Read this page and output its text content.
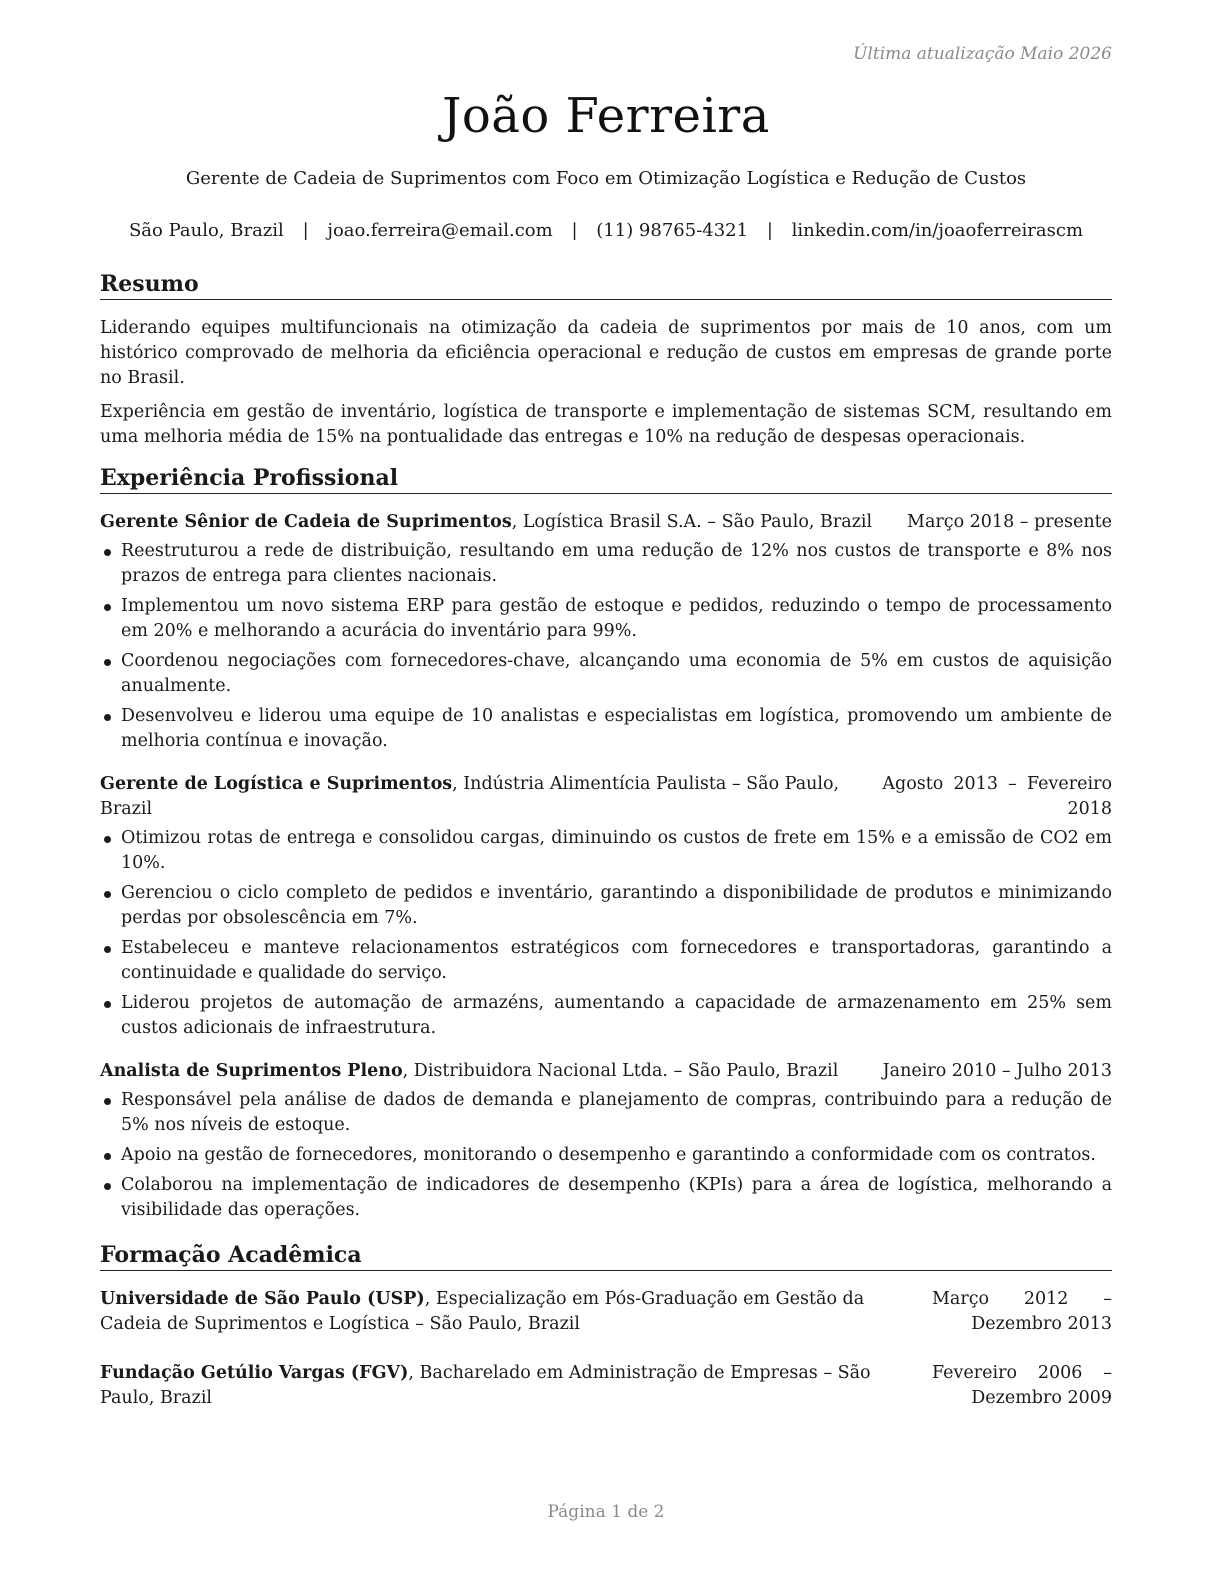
Última atualização Maio 2026
João Ferreira
Gerente de Cadeia de Suprimentos com Foco em Otimização Logística e Redução de Custos
São Paulo, Brazil | joao.ferreira@email.com | (11) 98765-4321 | linkedin.com/in/joaoferreirascm
Resumo

Liderando equipes multifuncionais na otimização da cadeia de suprimentos por mais de 10 anos, com um histórico comprovado de melhoria da eficiência operacional e redução de custos em empresas de grande porte no Brasil.

Experiência em gestão de inventário, logística de transporte e implementação de sistemas SCM, resultando em uma melhoria média de 15% na pontualidade das entregas e 10% na redução de despesas operacionais.

Experiência Profissional
Gerente Sênior de Cadeia de Suprimentos, Logística Brasil S.A. – São Paulo, Brazil	Março 2018 – presente
Reestruturou a rede de distribuição, resultando em uma redução de 12% nos custos de transporte e 8% nos prazos de entrega para clientes nacionais.
Implementou um novo sistema ERP para gestão de estoque e pedidos, reduzindo o tempo de processamento em 20% e melhorando a acurácia do inventário para 99%.
Coordenou negociações com fornecedores-chave, alcançando uma economia de 5% em custos de aquisição anualmente.
Desenvolveu e liderou uma equipe de 10 analistas e especialistas em logística, promovendo um ambiente de melhoria contínua e inovação.
Gerente de Logística e Suprimentos, Indústria Alimentícia Paulista – São Paulo, Brazil
Agosto 2013 – Fevereiro 2018
Otimizou rotas de entrega e consolidou cargas, diminuindo os custos de frete em 15% e a emissão de CO2 em 10%.
Gerenciou o ciclo completo de pedidos e inventário, garantindo a disponibilidade de produtos e minimizando perdas por obsolescência em 7%.
Estabeleceu e manteve relacionamentos estratégicos com fornecedores e transportadoras, garantindo a continuidade e qualidade do serviço.
Liderou projetos de automação de armazéns, aumentando a capacidade de armazenamento em 25% sem custos adicionais de infraestrutura.
Analista de Suprimentos Pleno, Distribuidora Nacional Ltda. – São Paulo, Brazil	Janeiro 2010 – Julho 2013
Responsável pela análise de dados de demanda e planejamento de compras, contribuindo para a redução de 5% nos níveis de estoque.
Apoio na gestão de fornecedores, monitorando o desempenho e garantindo a conformidade com os contratos.
Colaborou na implementação de indicadores de desempenho (KPIs) para a área de logística, melhorando a visibilidade das operações.
Formação Acadêmica
Universidade de São Paulo (USP), Especialização em Pós-Graduação em Gestão da Cadeia de Suprimentos e Logística – São Paulo, Brazil
Março 2012 – Dezembro 2013
Fundação Getúlio Vargas (FGV), Bacharelado em Administração de Empresas – São Paulo, Brazil
Fevereiro 2006 – Dezembro 2009
Página 1 de 2
